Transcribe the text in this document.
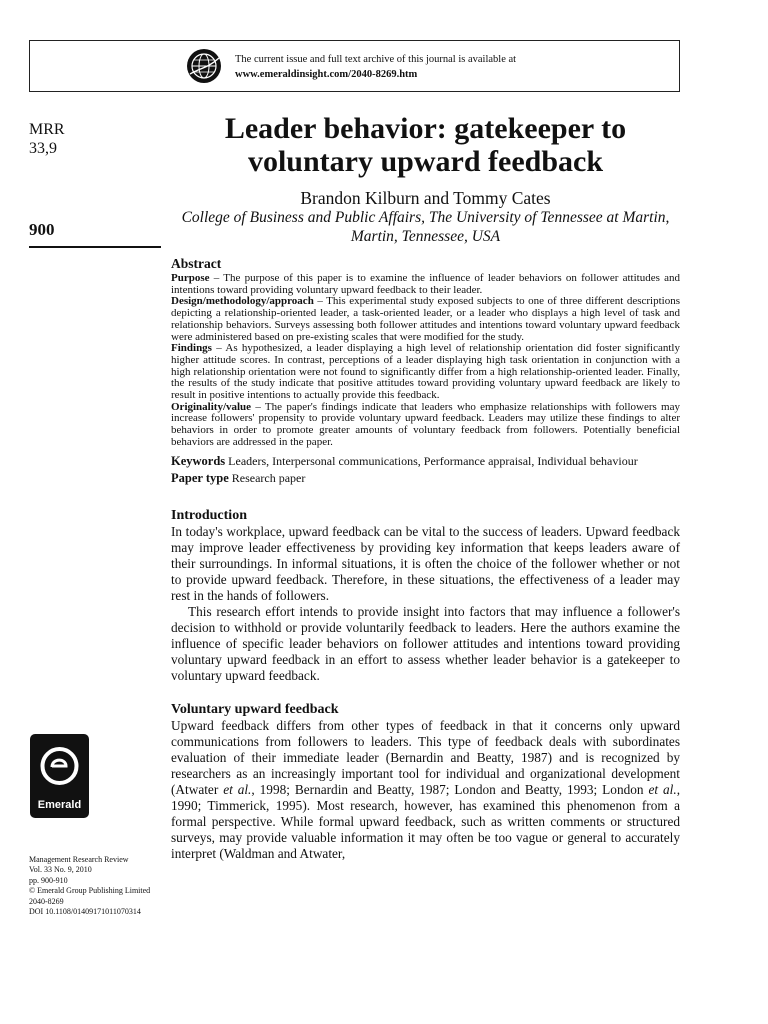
The current issue and full text archive of this journal is available at
www.emeraldinsight.com/2040-8269.htm
MRR
33,9
900
Emerald
Management Research Review
Vol. 33 No. 9, 2010
pp. 900-910
© Emerald Group Publishing Limited
2040-8269
DOI 10.1108/01409171011070314
Leader behavior: gatekeeper to voluntary upward feedback
Brandon Kilburn and Tommy Cates
College of Business and Public Affairs, The University of Tennessee at Martin, Martin, Tennessee, USA
Abstract

Purpose – The purpose of this paper is to examine the influence of leader behaviors on follower attitudes and intentions toward providing voluntary upward feedback to their leader.

Design/methodology/approach – This experimental study exposed subjects to one of three different descriptions depicting a relationship-oriented leader, a task-oriented leader, or a leader who displays a high level of task and relationship behaviors. Surveys assessing both follower attitudes and intentions toward voluntary upward feedback were administered based on pre-existing scales that were modified for the study.

Findings – As hypothesized, a leader displaying a high level of relationship orientation did foster significantly higher attitude scores. In contrast, perceptions of a leader displaying high task orientation in conjunction with a high relationship orientation were not found to significantly differ from a high relationship-oriented leader. Finally, the results of the study indicate that positive attitudes toward providing voluntary upward feedback are likely to result in positive intentions to actually provide this feedback.

Originality/value – The paper's findings indicate that leaders who emphasize relationships with followers may increase followers' propensity to provide voluntary upward feedback. Leaders may utilize these findings to alter behaviors in order to promote greater amounts of voluntary feedback from followers. Potentially beneficial behaviors are addressed in the paper.

Keywords Leaders, Interpersonal communications, Performance appraisal, Individual behaviour
Paper type Research paper
Introduction

In today's workplace, upward feedback can be vital to the success of leaders. Upward feedback may improve leader effectiveness by providing key information that keeps leaders aware of their surroundings. In informal situations, it is often the choice of the follower whether or not to provide upward feedback. Therefore, in these situations, the effectiveness of a leader may rest in the hands of followers.

This research effort intends to provide insight into factors that may influence a follower's decision to withhold or provide voluntarily feedback to leaders. Here the authors examine the influence of specific leader behaviors on follower attitudes and intentions toward providing voluntary upward feedback in an effort to assess whether leader behavior is a gatekeeper to voluntary upward feedback.

Voluntary upward feedback

Upward feedback differs from other types of feedback in that it concerns only upward communications from followers to leaders. This type of feedback deals with subordinates evaluation of their immediate leader (Bernardin and Beatty, 1987) and is recognized by researchers as an increasingly important tool for individual and organizational development (Atwater et al., 1998; Bernardin and Beatty, 1987; London and Beatty, 1993; London et al., 1990; Timmerick, 1995). Most research, however, has examined this phenomenon from a formal perspective. While formal upward feedback, such as written comments or structured surveys, may provide valuable information it may often be too vague or general to accurately interpret (Waldman and Atwater,
